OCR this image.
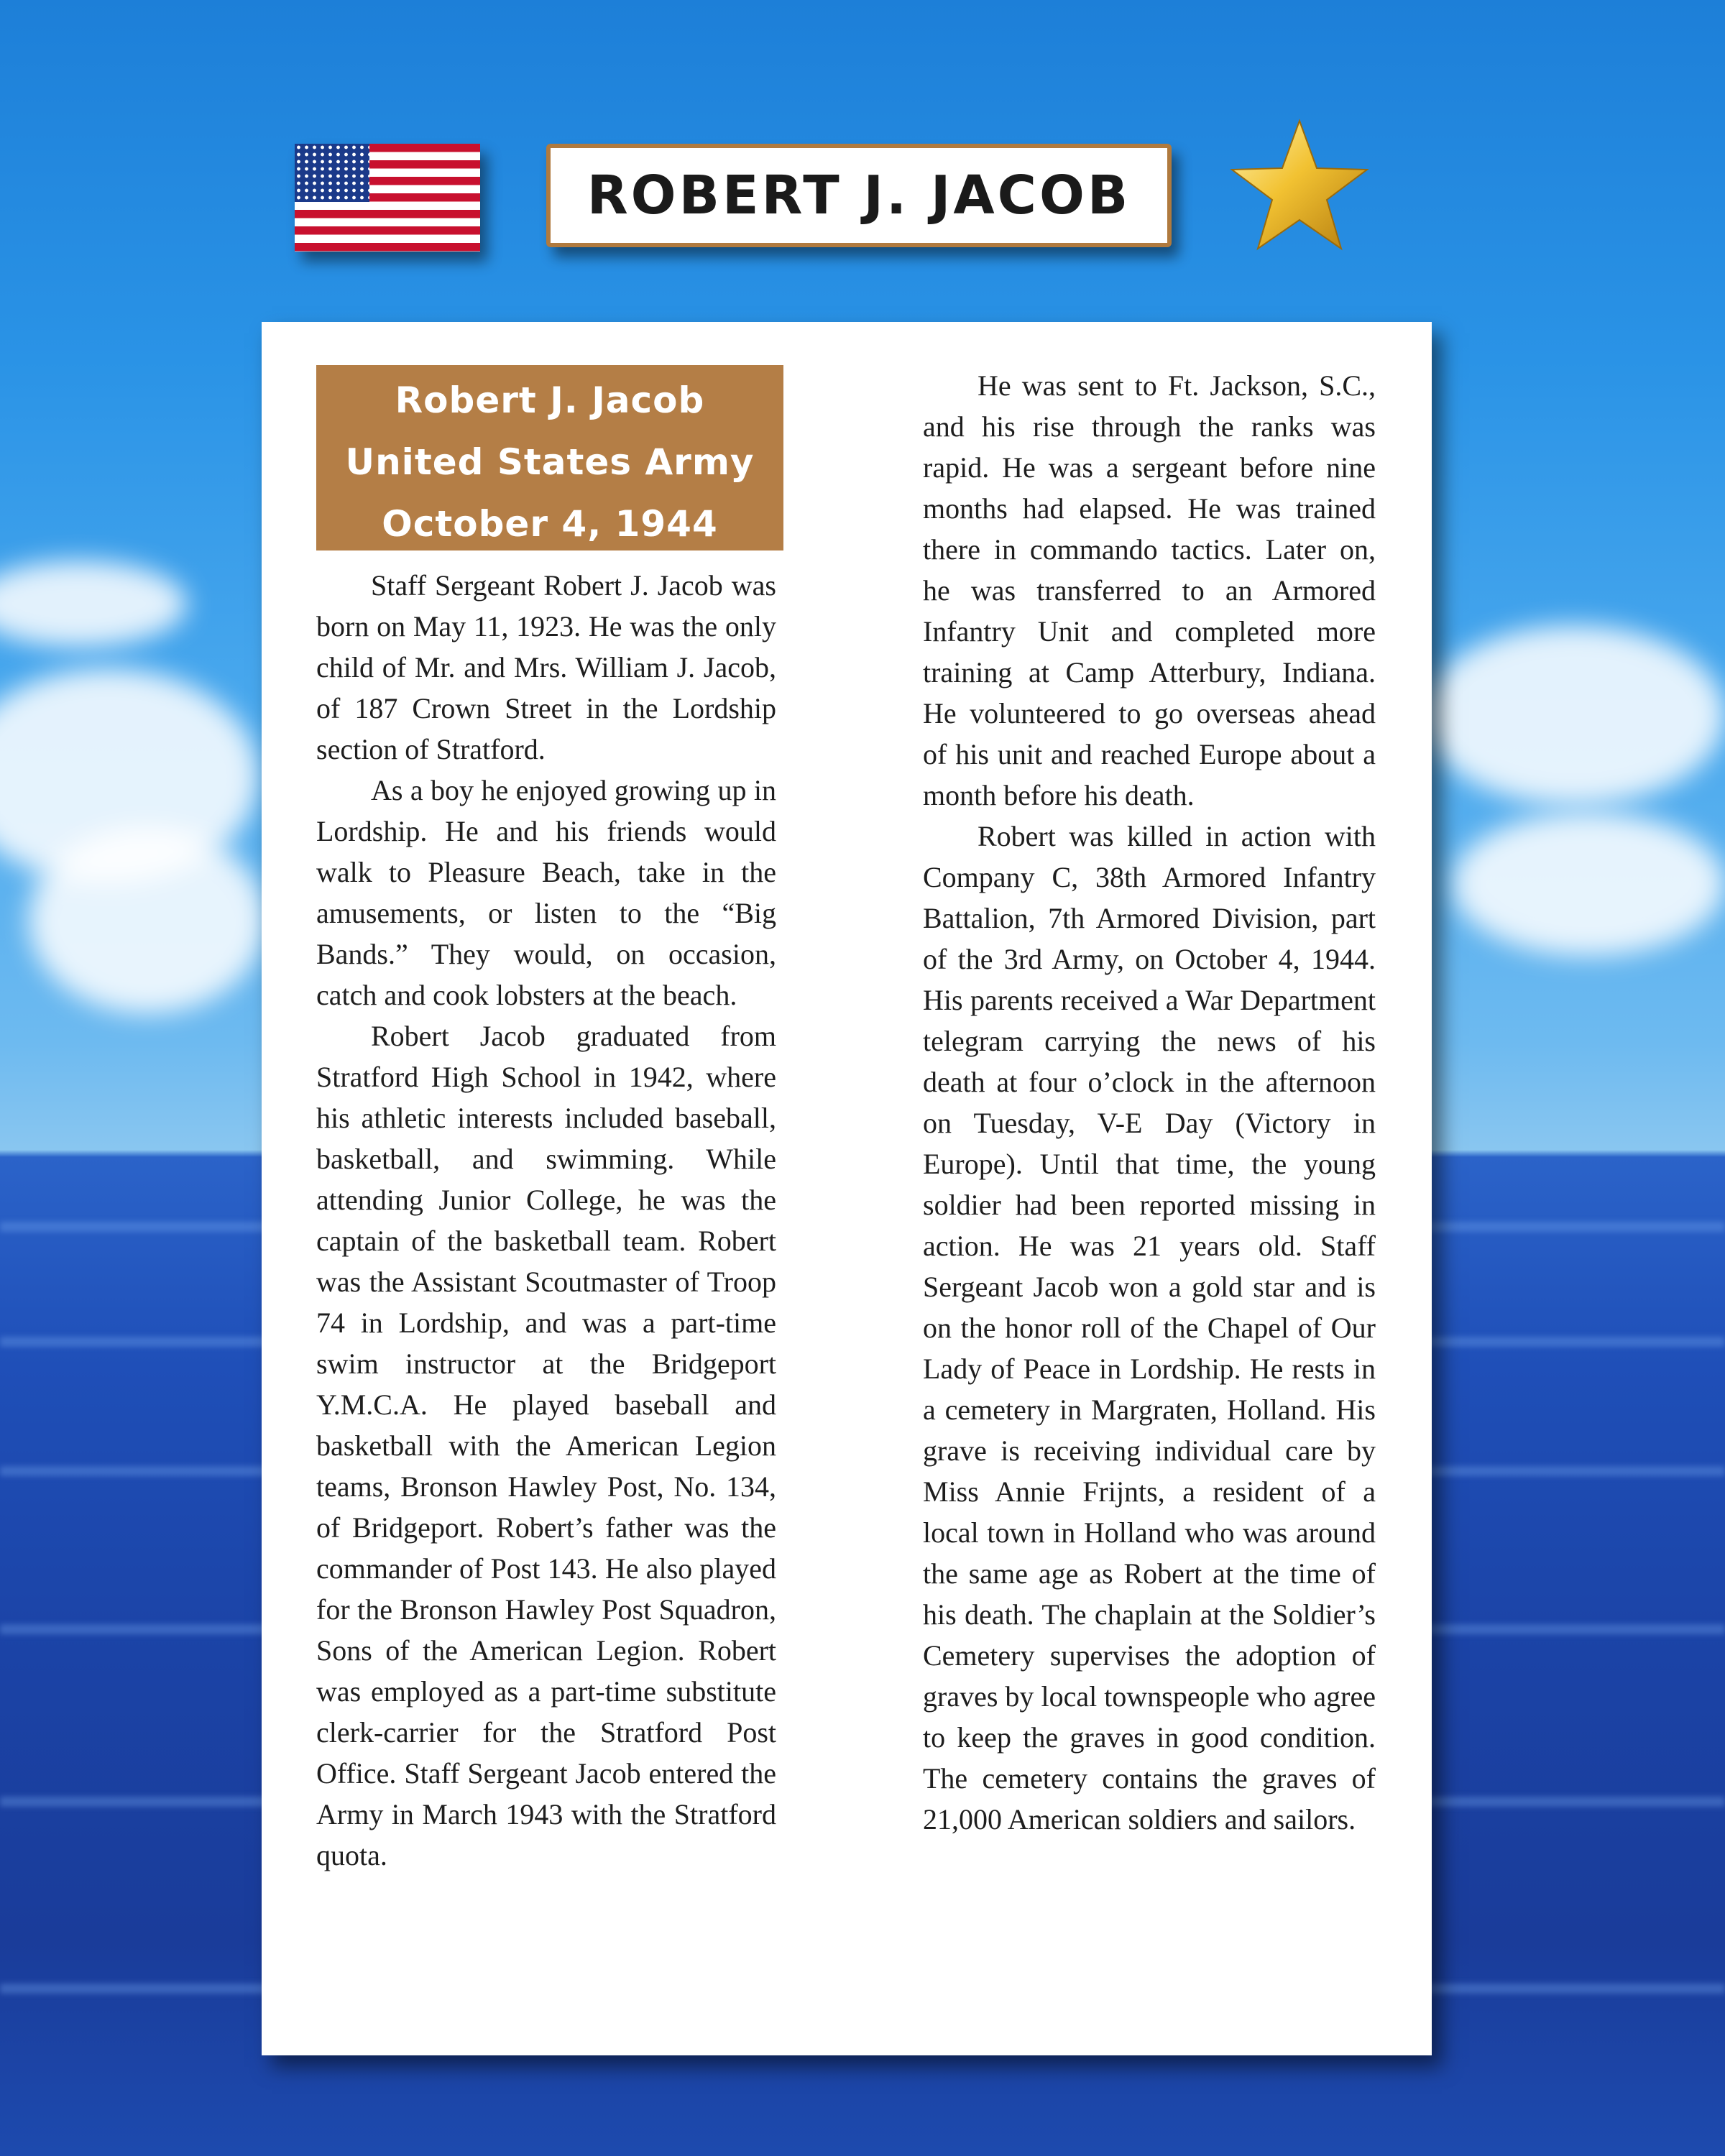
ROBERT J. JACOB
Robert J. Jacob
United States Army
October 4, 1944

Staff Sergeant Robert J. Jacob was born on May 11, 1923. He was the only child of Mr. and Mrs. William J. Jacob, of 187 Crown Street in the Lordship section of Stratford.

As a boy he enjoyed growing up in Lordship. He and his friends would walk to Pleasure Beach, take in the amusements, or listen to the “Big Bands.” They would, on occasion, catch and cook lobsters at the beach.

Robert Jacob graduated from Stratford High School in 1942, where his athletic interests included baseball, basketball, and swimming. While attending Junior College, he was the captain of the basketball team. Robert was the Assistant Scoutmaster of Troop 74 in Lordship, and was a part-time swim instructor at the Bridgeport Y.M.C.A. He played baseball and basketball with the American Legion teams, Bronson Hawley Post, No. 134, of Bridgeport. Robert’s father was the commander of Post 143. He also played for the Bronson Hawley Post Squadron, Sons of the American Legion. Robert was employed as a part-time substitute clerk-carrier for the Stratford Post Office. Staff Sergeant Jacob entered the Army in March 1943 with the Stratford quota.

He was sent to Ft. Jackson, S.C., and his rise through the ranks was rapid. He was a sergeant before nine months had elapsed. He was trained there in commando tactics. Later on, he was transferred to an Armored Infantry Unit and completed more training at Camp Atterbury, Indiana. He volunteered to go overseas ahead of his unit and reached Europe about a month before his death.

Robert was killed in action with Company C, 38th Armored Infantry Battalion, 7th Armored Division, part of the 3rd Army, on October 4, 1944. His parents received a War Department telegram carrying the news of his death at four o’clock in the afternoon on Tuesday, V-E Day (Victory in Europe). Until that time, the young soldier had been reported missing in action. He was 21 years old. Staff Sergeant Jacob won a gold star and is on the honor roll of the Chapel of Our Lady of Peace in Lordship. He rests in a cemetery in Margraten, Holland. His grave is receiving individual care by Miss Annie Frijnts, a resident of a local town in Holland who was around the same age as Robert at the time of his death. The chaplain at the Soldier’s Cemetery supervises the adoption of graves by local townspeople who agree to keep the graves in good condition. The cemetery contains the graves of 21,000 American soldiers and sailors.
